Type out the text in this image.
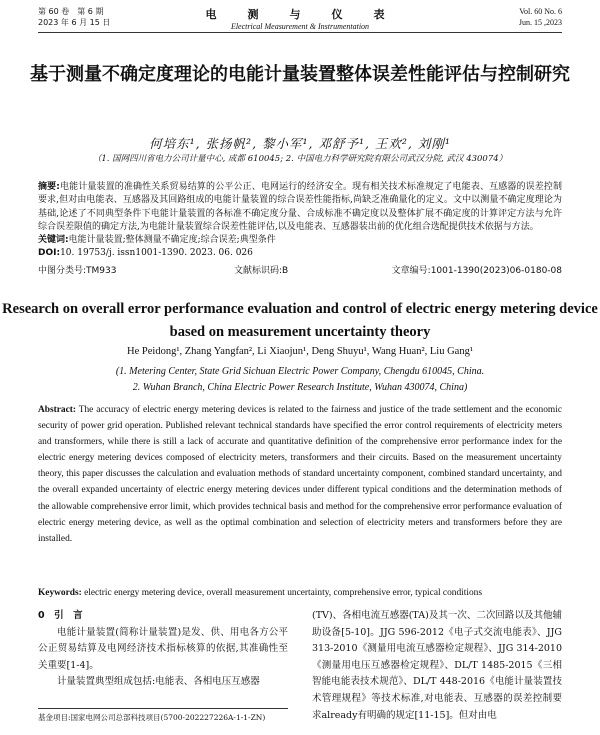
第 60 卷　第 6 期
2023 年 6 月 15 日
电　测　与　仪　表
Electrical Measurement & Instrumentation
Vol. 60 No. 6
Jun. 15 ,2023
基于测量不确定度理论的电能计量装置整体误差性能评估与控制研究
何培东¹, 张扬帆², 黎小军¹, 邓舒予¹, 王欢², 刘刚¹
（1. 国网四川省电力公司计量中心, 成都 610045; 2. 中国电力科学研究院有限公司武汉分院, 武汉 430074）
摘要:电能计量装置的准确性关系贸易结算的公平公正、电网运行的经济安全。现有相关技术标准规定了电能表、互感器的误差控制要求,但对由电能表、互感器及其回路组成的电能计量装置的综合误差性能指标,尚缺乏准确量化的定义。文中以测量不确定度理论为基础,论述了不同典型条件下电能计量装置的各标准不确定度分量、合成标准不确定度以及整体扩展不确定度的计算评定方法与允许综合误差限值的确定方法,为电能计量装置综合误差性能评估,以及电能表、互感器装出前的优化组合选配提供技术依据与方法。
关键词:电能计量装置;整体测量不确定度;综合误差;典型条件
DOI:10. 19753/j. issn1001-1390. 2023. 06. 026
中图分类号:TM933	文献标识码:B	文章编号:1001-1390(2023)06-0180-08
Research on overall error performance evaluation and control of electric energy metering device based on measurement uncertainty theory
He Peidong¹, Zhang Yangfan², Li Xiaojun¹, Deng Shuyu¹, Wang Huan², Liu Gang¹
(1. Metering Center, State Grid Sichuan Electric Power Company, Chengdu 610045, China.
2. Wuhan Branch, China Electric Power Research Institute, Wuhan 430074, China)
Abstract: The accuracy of electric energy metering devices is related to the fairness and justice of the trade settlement and the economic security of power grid operation. Published relevant technical standards have specified the error control requirements of electricity meters and transformers, while there is still a lack of accurate and quantitative definition of the comprehensive error performance index for the electric energy metering devices composed of electricity meters, transformers and their circuits. Based on the measurement uncertainty theory, this paper discusses the calculation and evaluation methods of standard uncertainty component, combined standard uncertainty, and the overall expanded uncertainty of electric energy metering devices under different typical conditions and the determination methods of the allowable comprehensive error limit, which provides technical basis and method for the comprehensive error performance evaluation of electric energy metering device, as well as the optimal combination and selection of electricity meters and transformers before they are installed.
Keywords: electric energy metering device, overall measurement uncertainty, comprehensive error, typical conditions
0　引　言
电能计量装置(简称计量装置)是发、供、用电各方公平公正贸易结算及电网经济技术指标核算的依据,其准确性至关重要[1-4]。
计量装置典型组成包括:电能表、各相电压互感器
(TV)、各相电流互感器(TA)及其一次、二次回路以及其他辅助设备[5-10]。JJG 596-2012《电子式交流电能表》、JJG 313-2010《测量用电流互感器检定规程》、JJG 314-2010《测量用电压互感器检定规程》、DL/T 1485-2015《三相智能电能表技术规范》、DL/T 448-2016《电能计量装置技术管理规程》等技术标准,对电能表、互感器的误差控制要求already有明确的规定[11-15]。但对由电
基金项目:国家电网公司总部科技项目(5700-202227226A-1-1-ZN)
